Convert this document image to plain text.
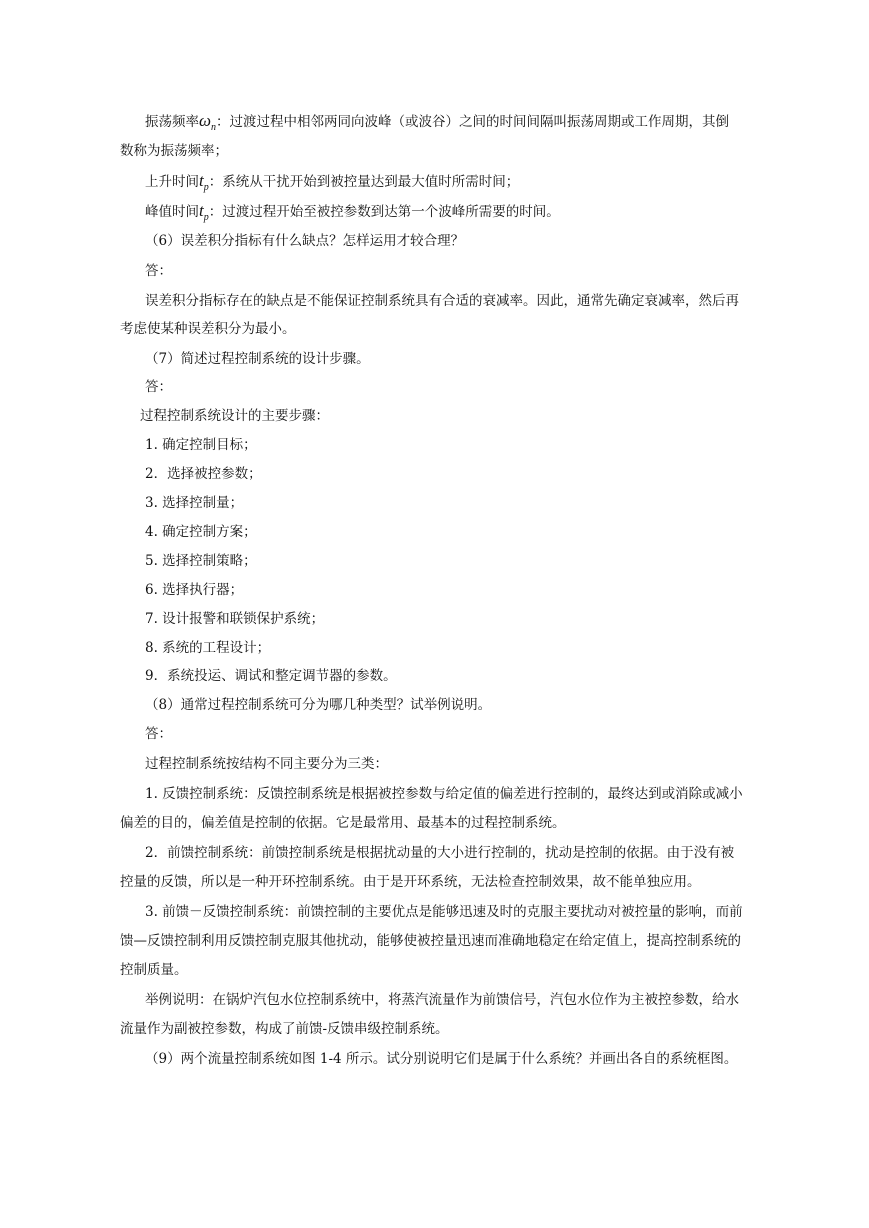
振荡频率$\omega_n$：过渡过程中相邻两同向波峰（或波谷）之间的时间间隔叫振荡周期或工作周期，其倒
数称为振荡频率；
上升时间$t_p$：系统从干扰开始到被控量达到最大值时所需时间；
峰值时间$t_p$：过渡过程开始至被控参数到达第一个波峰所需要的时间。
（6）误差积分指标有什么缺点？怎样运用才较合理？
答：
误差积分指标存在的缺点是不能保证控制系统具有合适的衰减率。因此，通常先确定衰减率，然后再
考虑使某种误差积分为最小。
（7）简述过程控制系统的设计步骤。
答：
过程控制系统设计的主要步骤：
1. 确定控制目标；
2．选择被控参数；
3. 选择控制量；
4. 确定控制方案；
5. 选择控制策略；
6. 选择执行器；
7. 设计报警和联锁保护系统；
8. 系统的工程设计；
9．系统投运、调试和整定调节器的参数。
（8）通常过程控制系统可分为哪几种类型？试举例说明。
答：
过程控制系统按结构不同主要分为三类：
1. 反馈控制系统：反馈控制系统是根据被控参数与给定值的偏差进行控制的，最终达到或消除或减小
偏差的目的，偏差值是控制的依据。它是最常用、最基本的过程控制系统。
2．前馈控制系统：前馈控制系统是根据扰动量的大小进行控制的，扰动是控制的依据。由于没有被
控量的反馈，所以是一种开环控制系统。由于是开环系统，无法检查控制效果，故不能单独应用。
3. 前馈－反馈控制系统：前馈控制的主要优点是能够迅速及时的克服主要扰动对被控量的影响，而前
馈—反馈控制利用反馈控制克服其他扰动，能够使被控量迅速而准确地稳定在给定值上，提高控制系统的
控制质量。
举例说明：在锅炉汽包水位控制系统中，将蒸汽流量作为前馈信号，汽包水位作为主被控参数，给水
流量作为副被控参数，构成了前馈-反馈串级控制系统。
（9）两个流量控制系统如图 1-4 所示。试分别说明它们是属于什么系统？并画出各自的系统框图。
